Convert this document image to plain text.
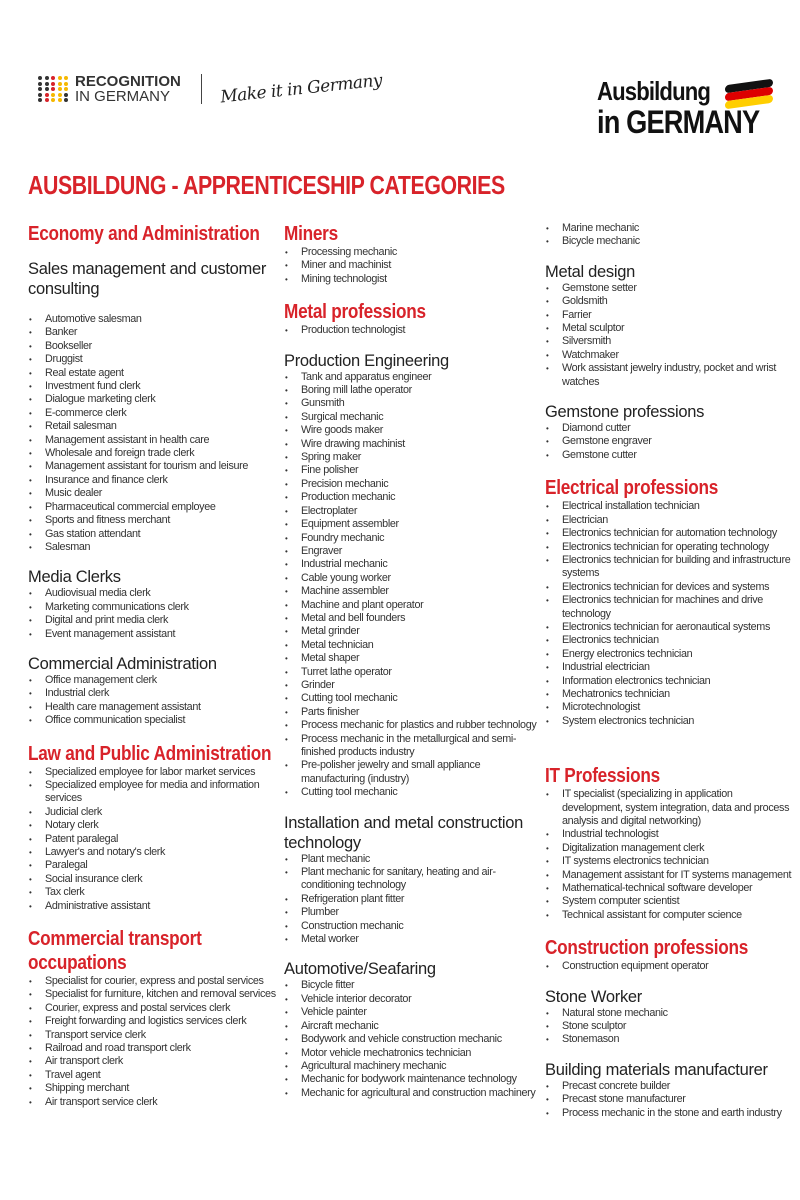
RECOGNITION
IN GERMANY	Make it in Germany	Ausbildung
in GERMANY
AUSBILDUNG - APPRENTICESHIP CATEGORIES
Economy and Administration
Sales management and customer consulting
• Automotive salesman
• Banker
• Bookseller
• Druggist
• Real estate agent
• Investment fund clerk
• Dialogue marketing clerk
• E-commerce clerk
• Retail salesman
• Management assistant in health care
• Wholesale and foreign trade clerk
• Management assistant for tourism and leisure
• Insurance and finance clerk
• Music dealer
• Pharmaceutical commercial employee
• Sports and fitness merchant
• Gas station attendant
• Salesman
Media Clerks
• Audiovisual media clerk
• Marketing communications clerk
• Digital and print media clerk
• Event management assistant
Commercial Administration
• Office management clerk
• Industrial clerk
• Health care management assistant
• Office communication specialist
Law and Public Administration
• Specialized employee for labor market services
• Specialized employee for media and information services
• Judicial clerk
• Notary clerk
• Patent paralegal
• Lawyer's and notary's clerk
• Paralegal
• Social insurance clerk
• Tax clerk
• Administrative assistant
Commercial transport occupations
• Specialist for courier, express and postal services
• Specialist for furniture, kitchen and removal services
• Courier, express and postal services clerk
• Freight forwarding and logistics services clerk
• Transport service clerk
• Railroad and road transport clerk
• Air transport clerk
• Travel agent
• Shipping merchant
• Air transport service clerk
Miners
• Processing mechanic
• Miner and machinist
• Mining technologist
Metal professions
• Production technologist
Production Engineering
• Tank and apparatus engineer
• Boring mill lathe operator
• Gunsmith
• Surgical mechanic
• Wire goods maker
• Wire drawing machinist
• Spring maker
• Fine polisher
• Precision mechanic
• Production mechanic
• Electroplater
• Equipment assembler
• Foundry mechanic
• Engraver
• Industrial mechanic
• Cable young worker
• Machine assembler
• Machine and plant operator
• Metal and bell founders
• Metal grinder
• Metal technician
• Metal shaper
• Turret lathe operator
• Grinder
• Cutting tool mechanic
• Parts finisher
• Process mechanic for plastics and rubber technology
• Process mechanic in the metallurgical and semi-finished products industry
• Pre-polisher jewelry and small appliance manufacturing (industry)
• Cutting tool mechanic
Installation and metal construction technology
• Plant mechanic
• Plant mechanic for sanitary, heating and air-conditioning technology
• Refrigeration plant fitter
• Plumber
• Construction mechanic
• Metal worker
Automotive/Seafaring
• Bicycle fitter
• Vehicle interior decorator
• Vehicle painter
• Aircraft mechanic
• Bodywork and vehicle construction mechanic
• Motor vehicle mechatronics technician
• Agricultural machinery mechanic
• Mechanic for bodywork maintenance technology
• Mechanic for agricultural and construction machinery
• Marine mechanic
• Bicycle mechanic
Metal design
• Gemstone setter
• Goldsmith
• Farrier
• Metal sculptor
• Silversmith
• Watchmaker
• Work assistant jewelry industry, pocket and wrist watches
Gemstone professions
• Diamond cutter
• Gemstone engraver
• Gemstone cutter
Electrical professions
• Electrical installation technician
• Electrician
• Electronics technician for automation technology
• Electronics technician for operating technology
• Electronics technician for building and infrastructure systems
• Electronics technician for devices and systems
• Electronics technician for machines and drive technology
• Electronics technician for aeronautical systems
• Electronics technician
• Energy electronics technician
• Industrial electrician
• Information electronics technician
• Mechatronics technician
• Microtechnologist
• System electronics technician
IT Professions
• IT specialist (specializing in application development, system integration, data and process analysis and digital networking)
• Industrial technologist
• Digitalization management clerk
• IT systems electronics technician
• Management assistant for IT systems management
• Mathematical-technical software developer
• System computer scientist
• Technical assistant for computer science
Construction professions
• Construction equipment operator
Stone Worker
• Natural stone mechanic
• Stone sculptor
• Stonemason
Building materials manufacturer
• Precast concrete builder
• Precast stone manufacturer
• Process mechanic in the stone and earth industry
